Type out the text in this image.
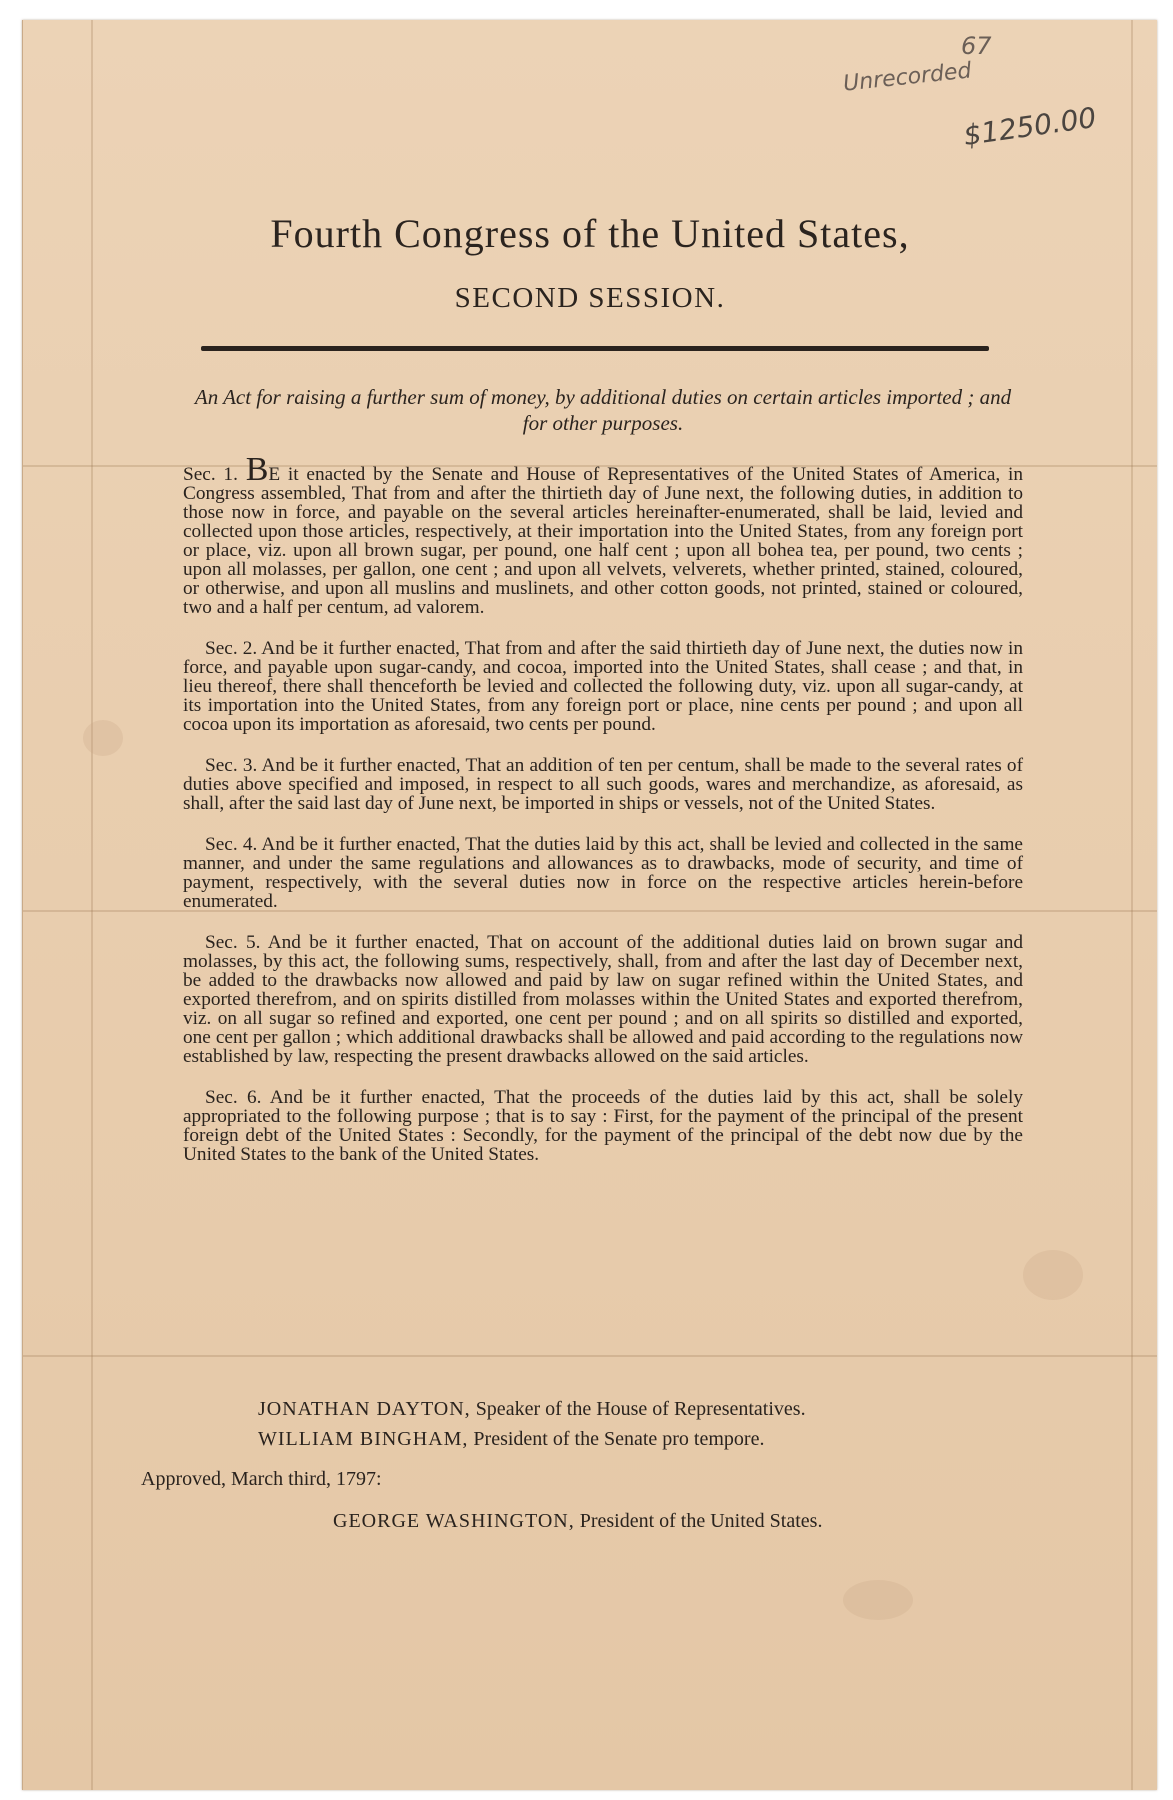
67
Unrecorded
$1250.00
Fourth Congress of the United States,
SECOND SESSION.
An Act for raising a further sum of money, by additional duties on certain articles imported ; and for other purposes.

Sec. 1. BE it enacted by the Senate and House of Representatives of the United States of America, in Congress assembled, That from and after the thirtieth day of June next, the following duties, in addition to those now in force, and payable on the several articles hereinafter-enumerated, shall be laid, levied and collected upon those articles, respectively, at their importation into the United States, from any foreign port or place, viz. upon all brown sugar, per pound, one half cent ; upon all bohea tea, per pound, two cents ; upon all molasses, per gallon, one cent ; and upon all velvets, velverets, whether printed, stained, coloured, or otherwise, and upon all muslins and muslinets, and other cotton goods, not printed, stained or coloured, two and a half per centum, ad valorem.

Sec. 2. And be it further enacted, That from and after the said thirtieth day of June next, the duties now in force, and payable upon sugar-candy, and cocoa, imported into the United States, shall cease ; and that, in lieu thereof, there shall thenceforth be levied and collected the following duty, viz. upon all sugar-candy, at its importation into the United States, from any foreign port or place, nine cents per pound ; and upon all cocoa upon its importation as aforesaid, two cents per pound.

Sec. 3. And be it further enacted, That an addition of ten per centum, shall be made to the several rates of duties above specified and imposed, in respect to all such goods, wares and merchandize, as aforesaid, as shall, after the said last day of June next, be imported in ships or vessels, not of the United States.

Sec. 4. And be it further enacted, That the duties laid by this act, shall be levied and collected in the same manner, and under the same regulations and allowances as to drawbacks, mode of security, and time of payment, respectively, with the several duties now in force on the respective articles herein-before enumerated.

Sec. 5. And be it further enacted, That on account of the additional duties laid on brown sugar and molasses, by this act, the following sums, respectively, shall, from and after the last day of December next, be added to the drawbacks now allowed and paid by law on sugar refined within the United States, and exported therefrom, and on spirits distilled from molasses within the United States and exported therefrom, viz. on all sugar so refined and exported, one cent per pound ; and on all spirits so distilled and exported, one cent per gallon ; which additional drawbacks shall be allowed and paid according to the regulations now established by law, respecting the present drawbacks allowed on the said articles.

Sec. 6. And be it further enacted, That the proceeds of the duties laid by this act, shall be solely appropriated to the following purpose ; that is to say : First, for the payment of the principal of the present foreign debt of the United States : Secondly, for the payment of the principal of the debt now due by the United States to the bank of the United States.

JONATHAN DAYTON, Speaker of the House of Representatives.
WILLIAM BINGHAM, President of the Senate pro tempore.
Approved, March third, 1797:
GEORGE WASHINGTON, President of the United States.
